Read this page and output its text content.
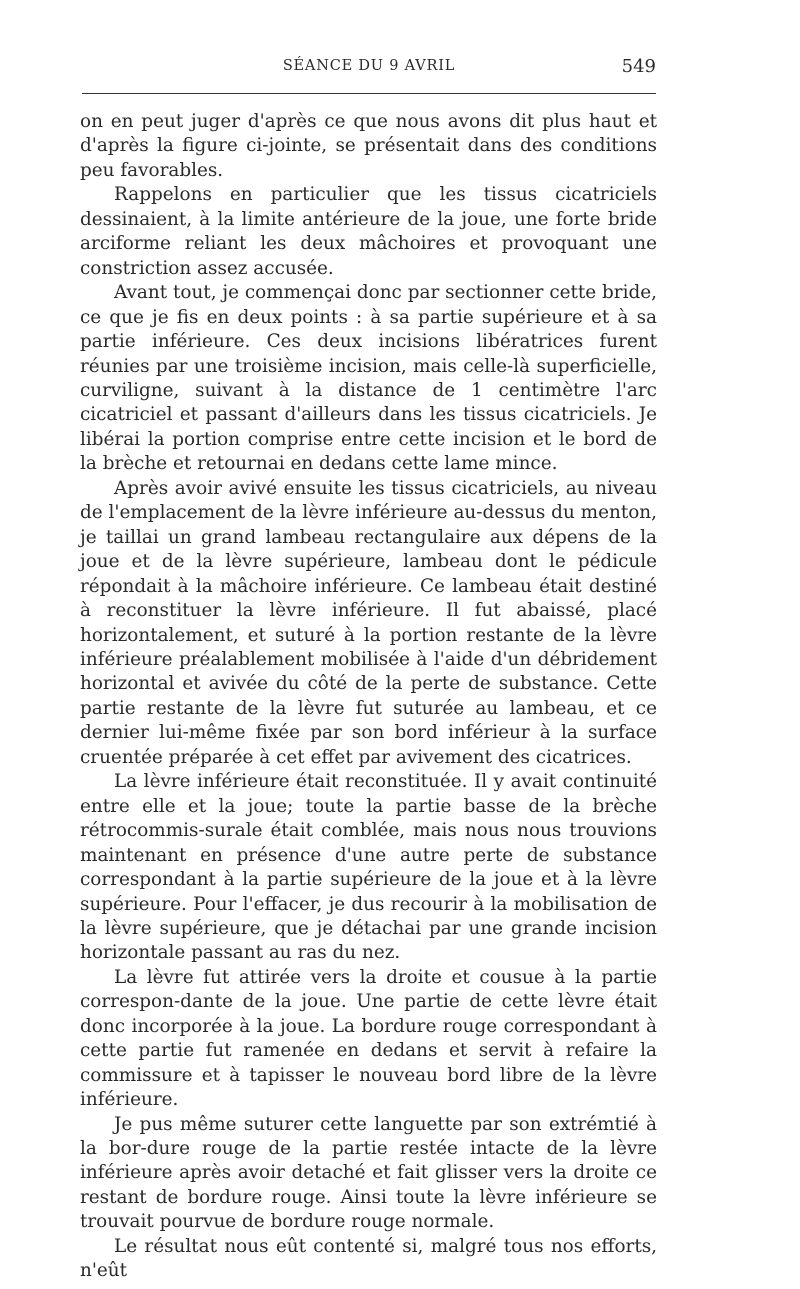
SÉANCE DU 9 AVRIL	549

on en peut juger d'après ce que nous avons dit plus haut et d'après la figure ci-jointe, se présentait dans des conditions peu favorables.

Rappelons en particulier que les tissus cicatriciels dessinaient, à la limite antérieure de la joue, une forte bride arciforme reliant les deux mâchoires et provoquant une constriction assez accusée.

Avant tout, je commençai donc par sectionner cette bride, ce que je fis en deux points : à sa partie supérieure et à sa partie inférieure. Ces deux incisions libératrices furent réunies par une troisième incision, mais celle-là superficielle, curviligne, suivant à la distance de 1 centimètre l'arc cicatriciel et passant d'ailleurs dans les tissus cicatriciels. Je libérai la portion comprise entre cette incision et le bord de la brèche et retournai en dedans cette lame mince.

Après avoir avivé ensuite les tissus cicatriciels, au niveau de l'emplacement de la lèvre inférieure au-dessus du menton, je taillai un grand lambeau rectangulaire aux dépens de la joue et de la lèvre supérieure, lambeau dont le pédicule répondait à la mâchoire inférieure. Ce lambeau était destiné à reconstituer la lèvre inférieure. Il fut abaissé, placé horizontalement, et suturé à la portion restante de la lèvre inférieure préalablement mobilisée à l'aide d'un débridement horizontal et avivée du côté de la perte de substance. Cette partie restante de la lèvre fut suturée au lambeau, et ce dernier lui-même fixée par son bord inférieur à la surface cruentée préparée à cet effet par avivement des cicatrices.

La lèvre inférieure était reconstituée. Il y avait continuité entre elle et la joue; toute la partie basse de la brèche rétrocommis-surale était comblée, mais nous nous trouvions maintenant en présence d'une autre perte de substance correspondant à la partie supérieure de la joue et à la lèvre supérieure. Pour l'effacer, je dus recourir à la mobilisation de la lèvre supérieure, que je détachai par une grande incision horizontale passant au ras du nez.

La lèvre fut attirée vers la droite et cousue à la partie correspon-dante de la joue. Une partie de cette lèvre était donc incorporée à la joue. La bordure rouge correspondant à cette partie fut ramenée en dedans et servit à refaire la commissure et à tapisser le nouveau bord libre de la lèvre inférieure.

Je pus même suturer cette languette par son extrémtié à la bor-dure rouge de la partie restée intacte de la lèvre inférieure après avoir detaché et fait glisser vers la droite ce restant de bordure rouge. Ainsi toute la lèvre inférieure se trouvait pourvue de bordure rouge normale.

Le résultat nous eût contenté si, malgré tous nos efforts, n'eût
